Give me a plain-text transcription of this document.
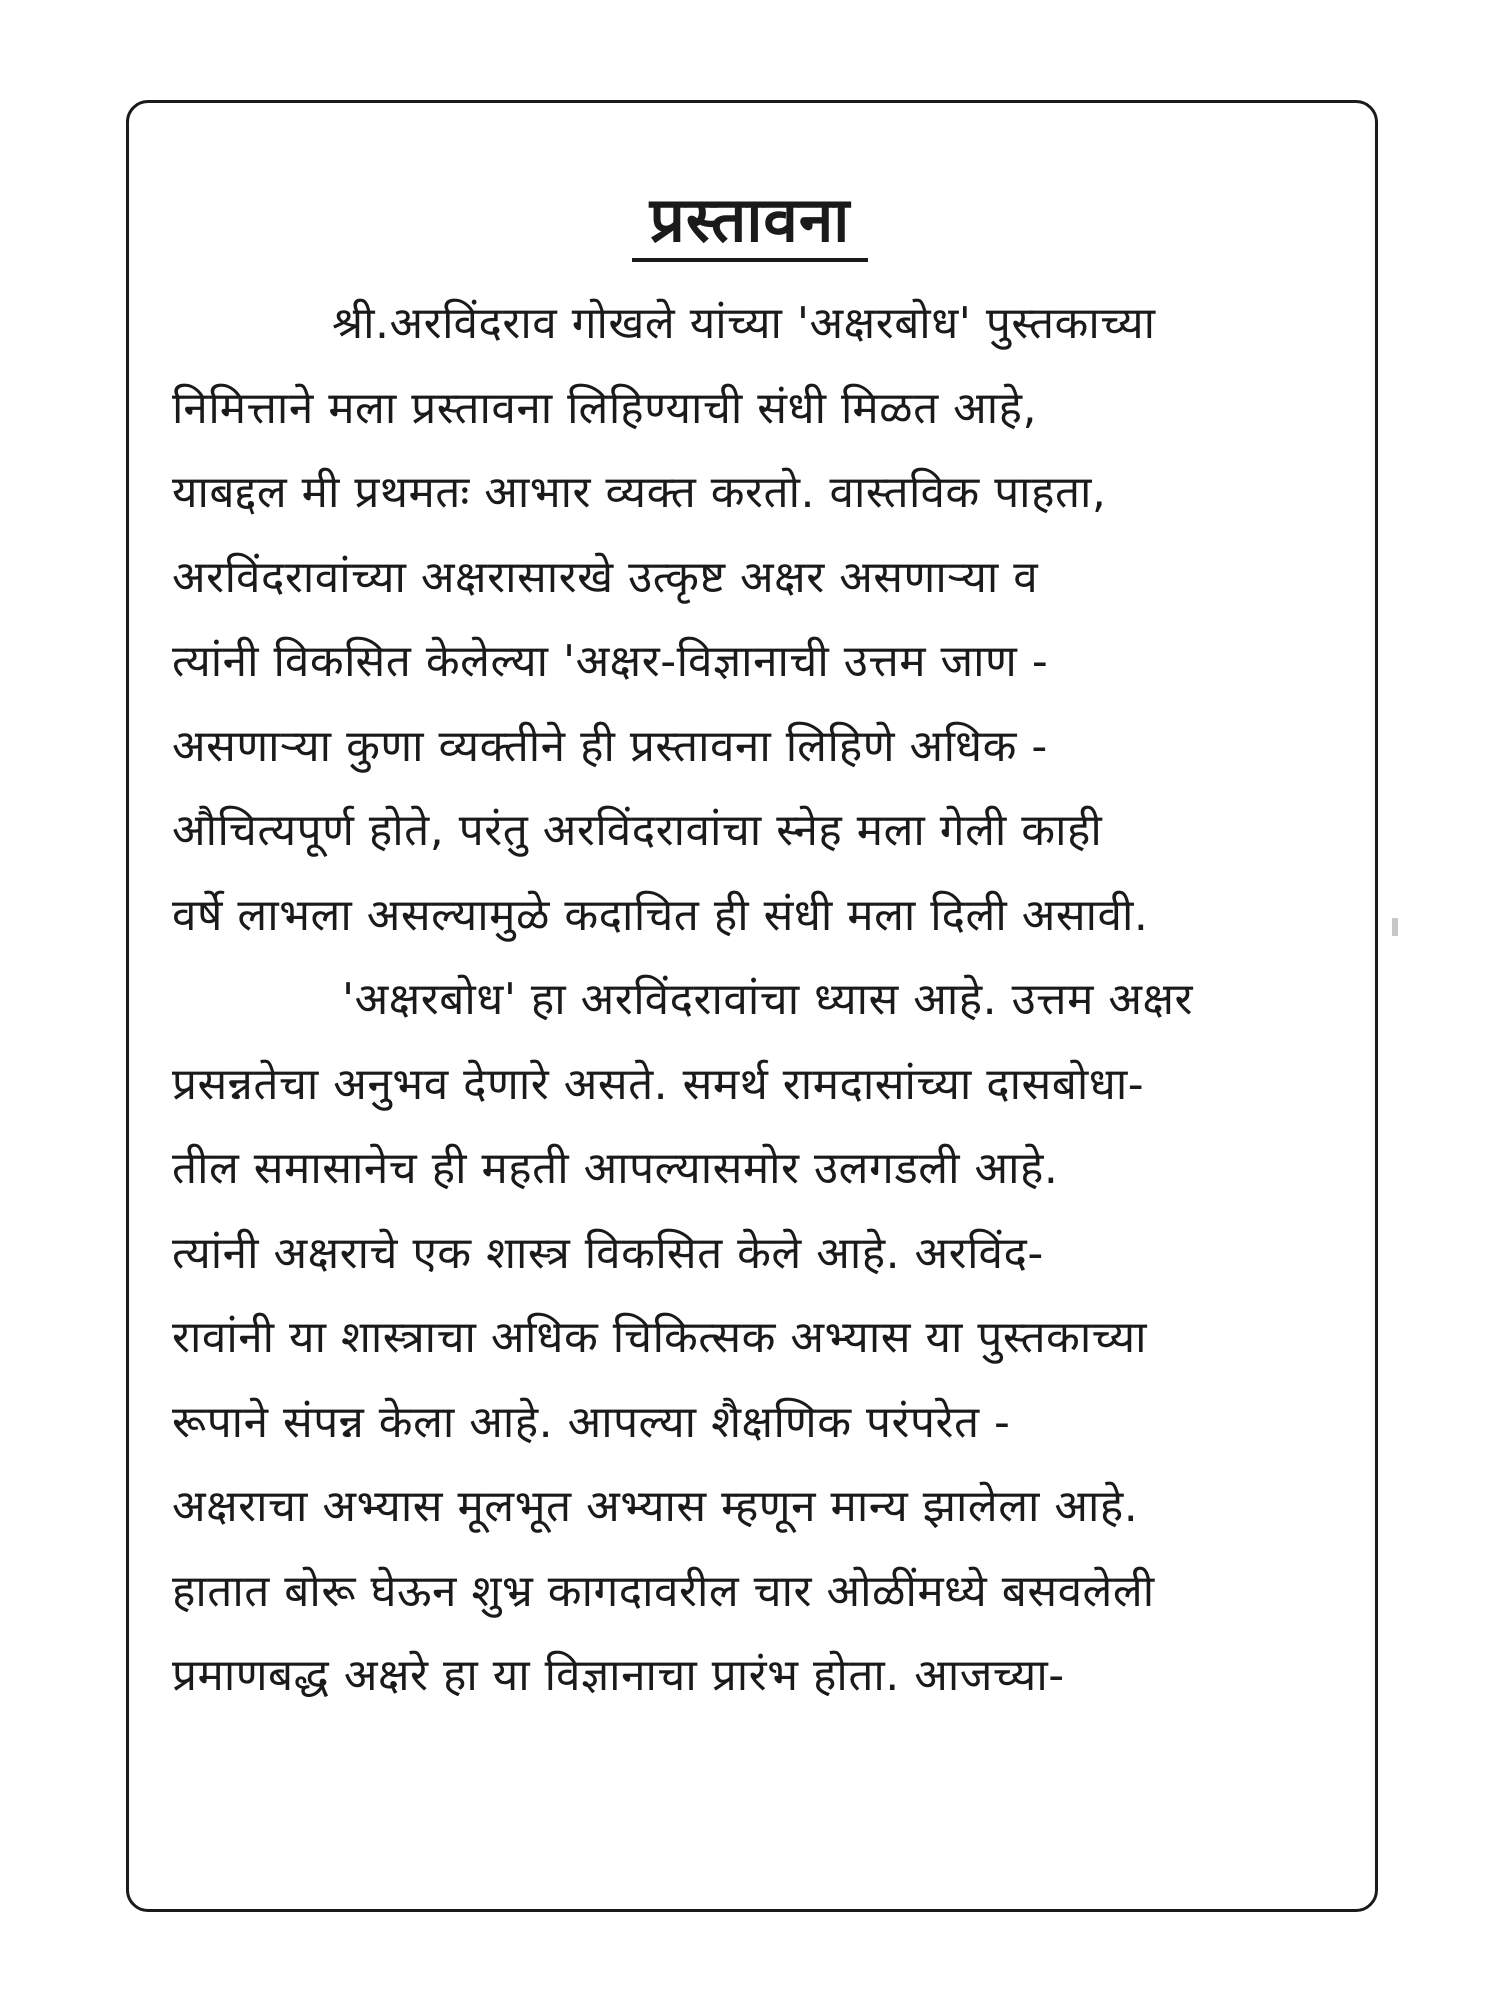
प्रस्तावना
श्री.अरविंदराव गोखले यांच्या 'अक्षरबोध' पुस्तकाच्या
निमित्ताने मला प्रस्तावना लिहिण्याची संधी मिळत आहे,
याबद्दल मी प्रथमतः आभार व्यक्त करतो. वास्तविक पाहता,
अरविंदरावांच्या अक्षरासारखे उत्कृष्ट अक्षर असणाऱ्या व
त्यांनी विकसित केलेल्या 'अक्षर-विज्ञानाची उत्तम जाण -
असणाऱ्या कुणा व्यक्तीने ही प्रस्तावना लिहिणे अधिक -
औचित्यपूर्ण होते, परंतु अरविंदरावांचा स्नेह मला गेली काही
वर्षे लाभला असल्यामुळे कदाचित ही संधी मला दिली असावी.
'अक्षरबोध' हा अरविंदरावांचा ध्यास आहे. उत्तम अक्षर
प्रसन्नतेचा अनुभव देणारे असते. समर्थ रामदासांच्या दासबोधा-
तील समासानेच ही महती आपल्यासमोर उलगडली आहे.
त्यांनी अक्षराचे एक शास्त्र विकसित केले आहे. अरविंद-
रावांनी या शास्त्राचा अधिक चिकित्सक अभ्यास या पुस्तकाच्या
रूपाने संपन्न केला आहे. आपल्या शैक्षणिक परंपरेत -
अक्षराचा अभ्यास मूलभूत अभ्यास म्हणून मान्य झालेला आहे.
हातात बोरू घेऊन शुभ्र कागदावरील चार ओळींमध्ये बसवलेली
प्रमाणबद्ध अक्षरे हा या विज्ञानाचा प्रारंभ होता. आजच्या-
